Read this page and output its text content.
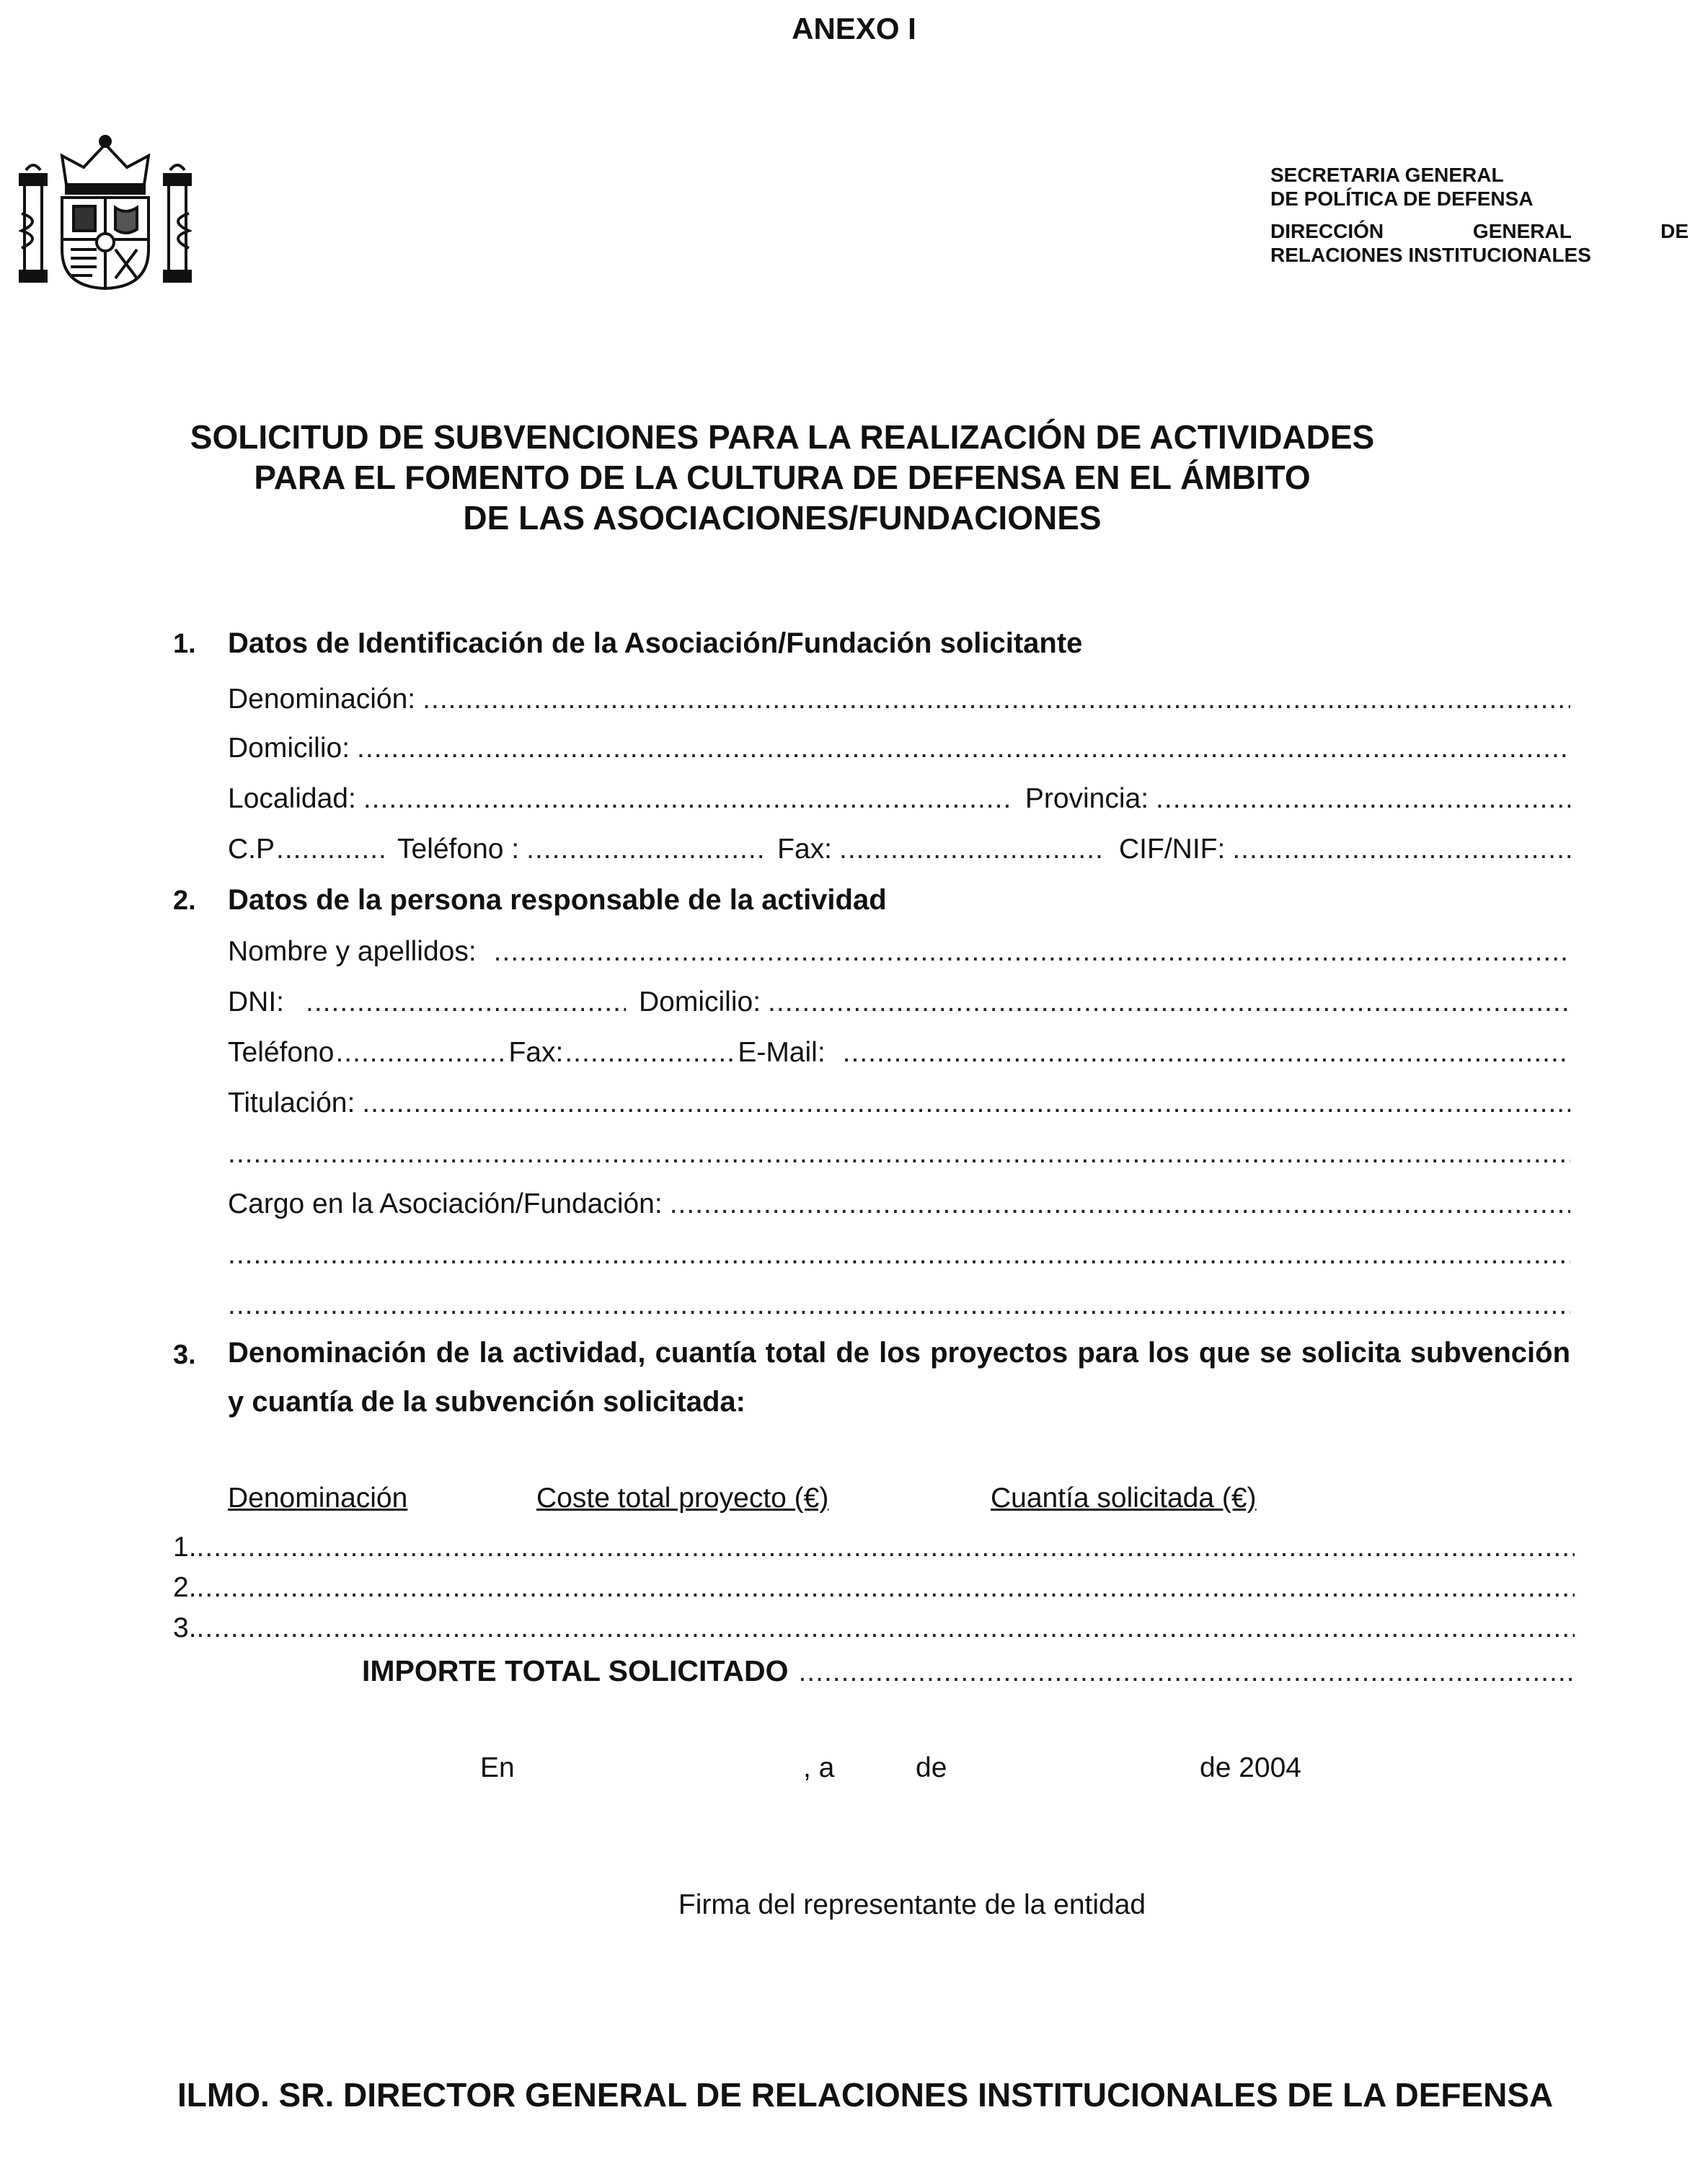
ANEXO I
SECRETARIA GENERAL
DE POLÍTICA DE DEFENSA
DIRECCIÓN GENERAL DE
RELACIONES INSTITUCIONALES
SOLICITUD DE SUBVENCIONES PARA LA REALIZACIÓN DE ACTIVIDADES
PARA EL FOMENTO DE LA CULTURA DE DEFENSA EN EL ÁMBITO
DE LAS ASOCIACIONES/FUNDACIONES
1. Datos de Identificación de la Asociación/Fundación solicitante
Denominación:
.....
Domicilio:
.....
Localidad: .....	Provincia:
.....
C.P .....	Teléfono : .....	Fax: .....	CIF/NIF:
.....
2. Datos de la persona responsable de la actividad
Nombre y apellidos:
.....
DNI: .....	Domicilio:
.....
Teléfono .....	Fax: .....	E-Mail:
.....
Titulación:
.....
.....
Cargo en la Asociación/Fundación:
.....
.....
.....
3. Denominación de la actividad, cuantía total de los proyectos para los que se solicita subvención y cuantía de la subvención solicitada:
Denominación	Coste total proyecto (€)	Cuantía solicitada (€)
1.
.....
2.
.....
3.
.....
IMPORTE TOTAL SOLICITADO
.....
En	, a	de	de 2004
Firma del representante de la entidad
ILMO. SR. DIRECTOR GENERAL DE RELACIONES INSTITUCIONALES DE LA DEFENSA
